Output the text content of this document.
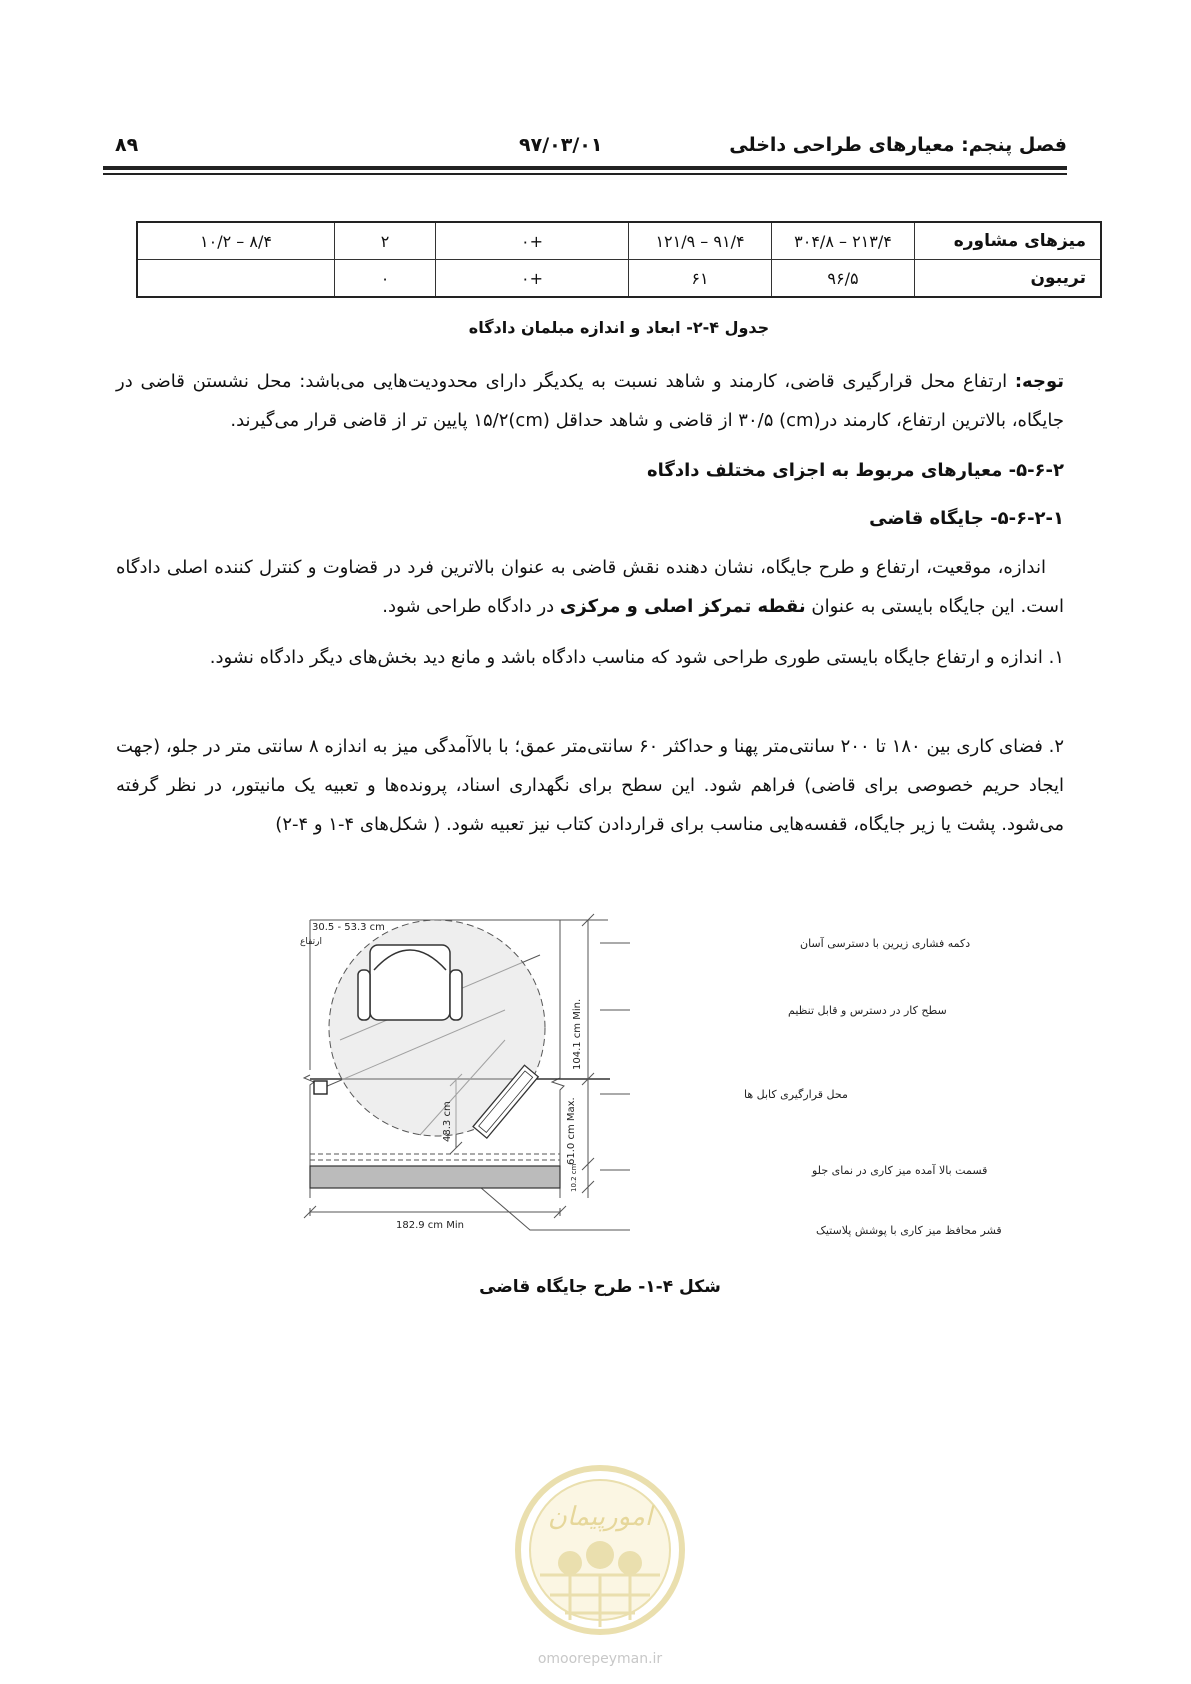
فصل پنجم: معیارهای طراحی داخلی
۹۷/۰۳/۰۱
۸۹
میزهای مشاوره	۲۱۳/۴ – ۳۰۴/۸	۹۱/۴ – ۱۲۱/۹	+۰	۲	۸/۴ – ۱۰/۲
تریبون	۹۶/۵	۶۱	+۰	۰	
جدول ۴-۲- ابعاد و اندازه مبلمان دادگاه

توجه: ارتفاع محل قرارگیری قاضی، کارمند و شاهد نسبت به یکدیگر دارای محدودیت‌هایی می‌باشد: محل نشستن قاضی در جایگاه، بالاترین ارتفاع، کارمند در(cm) ۳۰/۵ از قاضی و شاهد حداقل (cm)۱۵/۲ پایین تر از قاضی قرار می‌گیرند.

۵-۶-۲- معیارهای مربوط به اجزای مختلف دادگاه
۵-۶-۲-۱- جایگاه قاضی

اندازه، موقعیت، ارتفاع و طرح جایگاه، نشان دهنده نقش قاضی به عنوان بالاترین فرد در قضاوت و کنترل کننده اصلی دادگاه است. این جایگاه بایستی به عنوان نقطه تمرکز اصلی و مرکزی در دادگاه طراحی شود.

۱. اندازه و ارتفاع جایگاه بایستی طوری طراحی شود که مناسب دادگاه باشد و مانع دید بخش‌های دیگر دادگاه نشود.

۲. فضای کاری بین ۱۸۰ تا ۲۰۰ سانتی‌متر پهنا و حداکثر ۶۰ سانتی‌متر عمق؛ با بالاآمدگی میز به اندازه ۸ سانتی متر در جلو، (جهت ایجاد حریم خصوصی برای قاضی) فراهم شود. این سطح برای نگهداری اسناد، پرونده‌ها و تعبیه یک مانیتور، در نظر گرفته می‌شود. پشت یا زیر جایگاه، قفسه‌هایی مناسب برای قراردادن کتاب نیز تعبیه شود. ( شکل‌های ۴-۱ و ۴-۲)

30.5 - 53.3 cm
ارتفاع
104.1 cm Min.
48.3 cm	61.0 cm Max.
10.2 cm
182.9 cm Min
دکمه فشاری زیرین با دسترسی آسان
سطح کار در دسترس و قابل تنظیم
محل قرارگیری کابل ها
قسمت بالا آمده میز کاری در نمای جلو
قشر محافظ میز کاری با پوشش پلاستیک
شکل ۴-۱- طرح جایگاه قاضی
امورپیمان
omoorepeyman.ir
